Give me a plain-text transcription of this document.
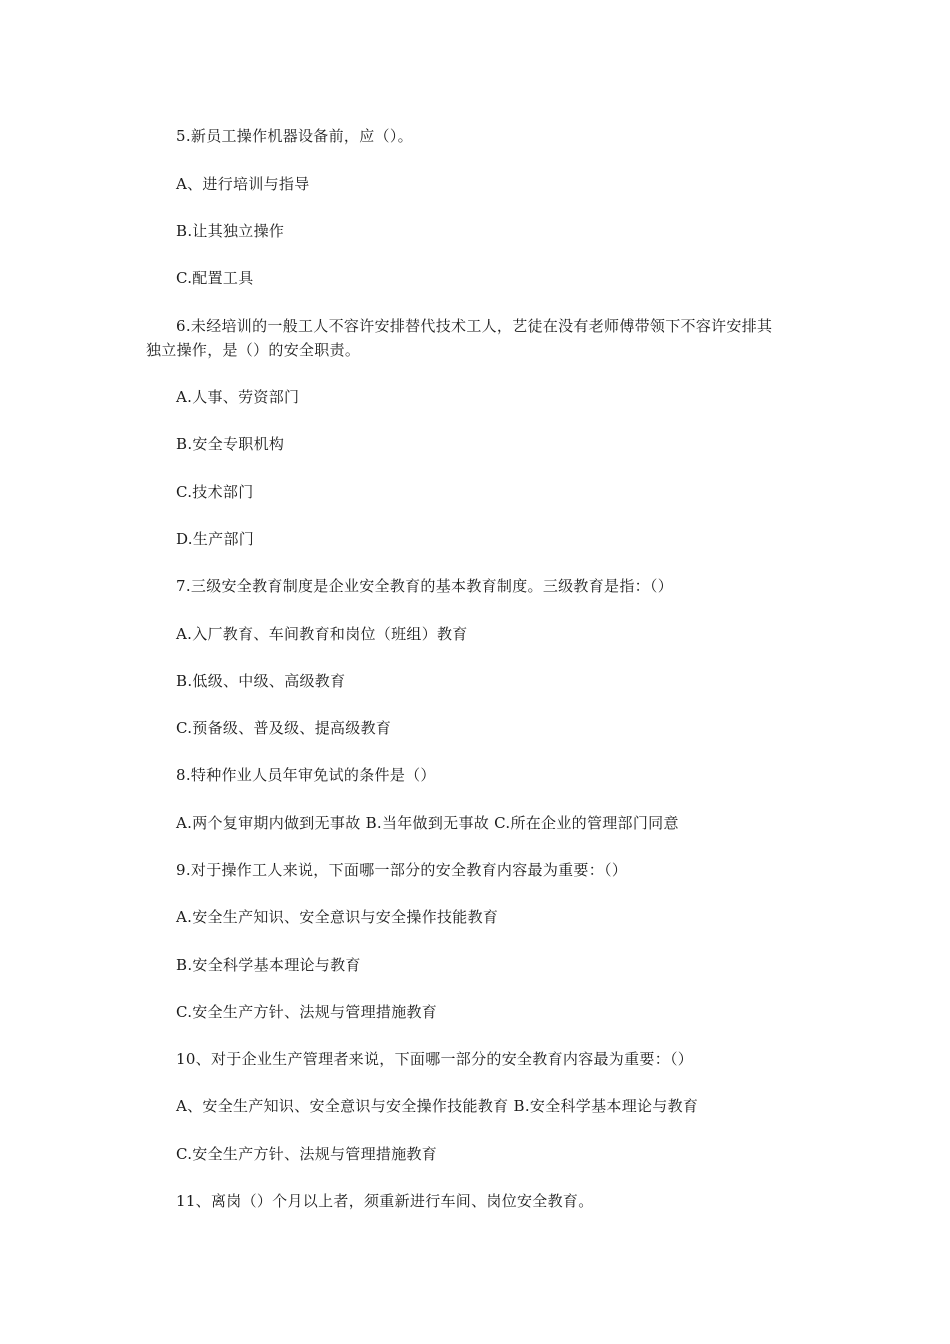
5.新员工操作机器设备前，应（）。
A、进行培训与指导
B.让其独立操作
C.配置工具
6.未经培训的一般工人不容许安排替代技术工人，艺徒在没有老师傅带领下不容许安排其
独立操作，是（）的安全职责。
A.人事、劳资部门
B.安全专职机构
C.技术部门
D.生产部门
7.三级安全教育制度是企业安全教育的基本教育制度。三级教育是指：（）
A.入厂教育、车间教育和岗位（班组）教育
B.低级、中级、高级教育
C.预备级、普及级、提高级教育
8.特种作业人员年审免试的条件是（）
A.两个复审期内做到无事故 B.当年做到无事故 C.所在企业的管理部门同意
9.对于操作工人来说，下面哪一部分的安全教育内容最为重要：（）
A.安全生产知识、安全意识与安全操作技能教育
B.安全科学基本理论与教育
C.安全生产方针、法规与管理措施教育
10、对于企业生产管理者来说，下面哪一部分的安全教育内容最为重要：（）
A、安全生产知识、安全意识与安全操作技能教育 B.安全科学基本理论与教育
C.安全生产方针、法规与管理措施教育
11、离岗（）个月以上者，须重新进行车间、岗位安全教育。
